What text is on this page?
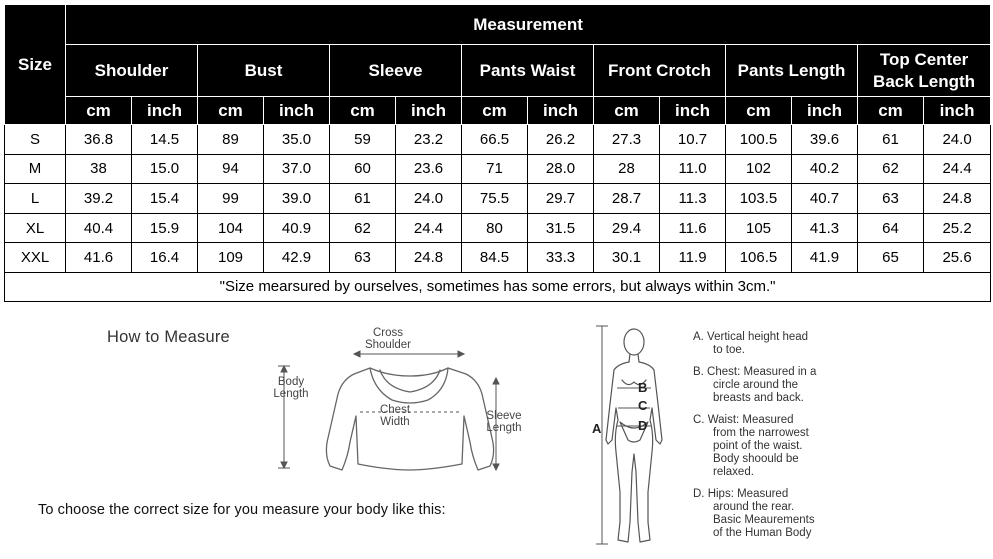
Size	Measurement													
	Shoulder		Bust		Sleeve		Pants Waist		Front Crotch		Pants Length		Top Center Back Length	
	cm	inch	cm	inch	cm	inch	cm	inch	cm	inch	cm	inch	cm	inch
S	36.8	14.5	89	35.0	59	23.2	66.5	26.2	27.3	10.7	100.5	39.6	61	24.0
M	38	15.0	94	37.0	60	23.6	71	28.0	28	11.0	102	40.2	62	24.4
L	39.2	15.4	99	39.0	61	24.0	75.5	29.7	28.7	11.3	103.5	40.7	63	24.8
XL	40.4	15.9	104	40.9	62	24.4	80	31.5	29.4	11.6	105	41.3	64	25.2
XXL	41.6	16.4	109	42.9	63	24.8	84.5	33.3	30.1	11.9	106.5	41.9	65	25.6
"Size mearsured by ourselves, sometimes has some errors, but always within 3cm."														
How to Measure	Cross
Shoulder
Body
Length
Chest
Width	Sleeve
Length
To choose the correct size for you measure your body like this:
B
C
A	D
A. Vertical height head
to toe.
B. Chest: Measured in a
circle around the
breasts and back.
C. Waist: Measured
from the narrowest
point of the waist.
Body shoould be
relaxed.
D. Hips: Measured
around the rear.
Basic Meaurements
of the Human Body
